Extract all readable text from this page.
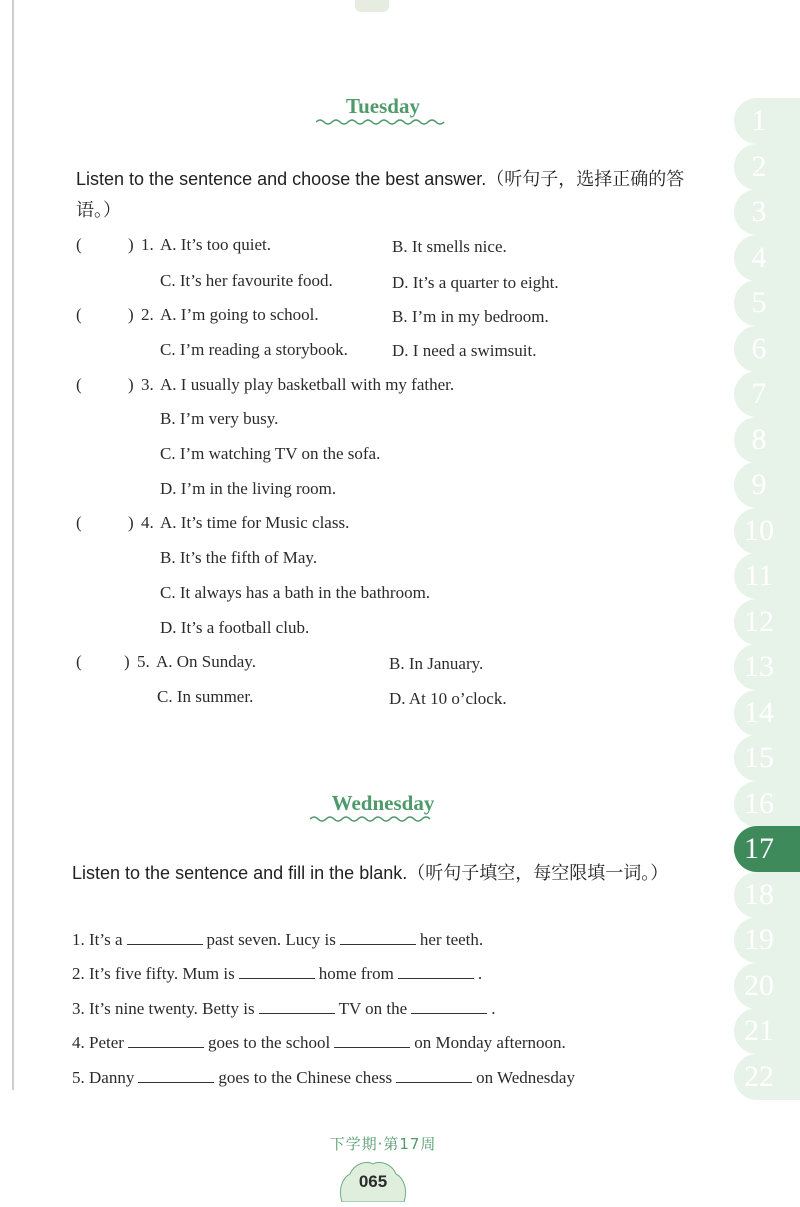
Tuesday
Listen to the sentence and choose the best answer.（听句子，选择正确的答语。）
(	) 1. A. It’s too quiet.	B. It smells nice.
C. It’s her favourite food.	D. It’s a quarter to eight.
(	) 2. A. I’m going to school.	B. I’m in my bedroom.
C. I’m reading a storybook.	D. I need a swimsuit.
(	) 3. A. I usually play basketball with my father.
B. I’m very busy.
C. I’m watching TV on the sofa.
D. I’m in the living room.
(	) 4. A. It’s time for Music class.
B. It’s the fifth of May.
C. It always has a bath in the bathroom.
D. It’s a football club.
( ) 5. A. On Sunday.	B. In January.
C. In summer.	D. At 10 o’clock.
Wednesday
Listen to the sentence and fill in the blank.（听句子填空，每空限填一词。）
1. It’s a	past seven. Lucy is	her teeth.
2. It’s five fifty. Mum is	home from	.
3. It’s nine twenty. Betty is	TV on the	.
4. Peter	goes to the school	on Monday afternoon.
5. Danny	goes to the Chinese chess	on Wednesday
1
2
3
4
5
6
7
8
9
10
11
12
13
14
15
16
17
18
19
20
21
22
下学期·第17周
065
